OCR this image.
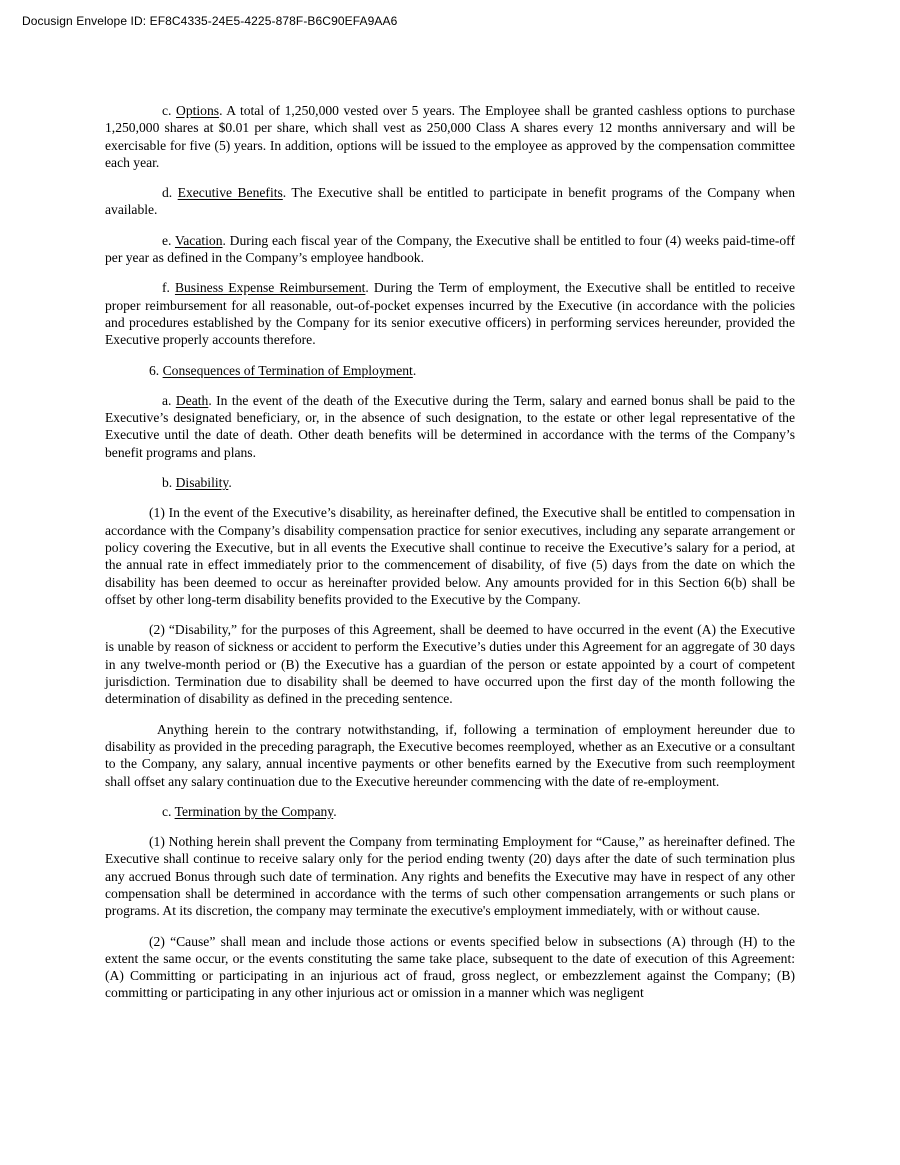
Docusign Envelope ID: EF8C4335-24E5-4225-878F-B6C90EFA9AA6

c. Options. A total of 1,250,000 vested over 5 years. The Employee shall be granted cashless options to purchase 1,250,000 shares at $0.01 per share, which shall vest as 250,000 Class A shares every 12 months anniversary and will be exercisable for five (5) years. In addition, options will be issued to the employee as approved by the compensation committee each year.

d. Executive Benefits. The Executive shall be entitled to participate in benefit programs of the Company when available.

e. Vacation. During each fiscal year of the Company, the Executive shall be entitled to four (4) weeks paid-time-off per year as defined in the Company’s employee handbook.

f. Business Expense Reimbursement. During the Term of employment, the Executive shall be entitled to receive proper reimbursement for all reasonable, out-of-pocket expenses incurred by the Executive (in accordance with the policies and procedures established by the Company for its senior executive officers) in performing services hereunder, provided the Executive properly accounts therefore.

6. Consequences of Termination of Employment.

a. Death. In the event of the death of the Executive during the Term, salary and earned bonus shall be paid to the Executive’s designated beneficiary, or, in the absence of such designation, to the estate or other legal representative of the Executive until the date of death. Other death benefits will be determined in accordance with the terms of the Company’s benefit programs and plans.

b. Disability.

(1) In the event of the Executive’s disability, as hereinafter defined, the Executive shall be entitled to compensation in accordance with the Company’s disability compensation practice for senior executives, including any separate arrangement or policy covering the Executive, but in all events the Executive shall continue to receive the Executive’s salary for a period, at the annual rate in effect immediately prior to the commencement of disability, of five (5) days from the date on which the disability has been deemed to occur as hereinafter provided below. Any amounts provided for in this Section 6(b) shall be offset by other long-term disability benefits provided to the Executive by the Company.

(2) “Disability,” for the purposes of this Agreement, shall be deemed to have occurred in the event (A) the Executive is unable by reason of sickness or accident to perform the Executive’s duties under this Agreement for an aggregate of 30 days in any twelve-month period or (B) the Executive has a guardian of the person or estate appointed by a court of competent jurisdiction. Termination due to disability shall be deemed to have occurred upon the first day of the month following the determination of disability as defined in the preceding sentence.

Anything herein to the contrary notwithstanding, if, following a termination of employment hereunder due to disability as provided in the preceding paragraph, the Executive becomes reemployed, whether as an Executive or a consultant to the Company, any salary, annual incentive payments or other benefits earned by the Executive from such reemployment shall offset any salary continuation due to the Executive hereunder commencing with the date of re-employment.

c. Termination by the Company.

(1) Nothing herein shall prevent the Company from terminating Employment for “Cause,” as hereinafter defined. The Executive shall continue to receive salary only for the period ending twenty (20) days after the date of such termination plus any accrued Bonus through such date of termination. Any rights and benefits the Executive may have in respect of any other compensation shall be determined in accordance with the terms of such other compensation arrangements or such plans or programs. At its discretion, the company may terminate the executive's employment immediately, with or without cause.

(2) “Cause” shall mean and include those actions or events specified below in subsections (A) through (H) to the extent the same occur, or the events constituting the same take place, subsequent to the date of execution of this Agreement: (A) Committing or participating in an injurious act of fraud, gross neglect, or embezzlement against the Company; (B) committing or participating in any other injurious act or omission in a manner which was negligent
